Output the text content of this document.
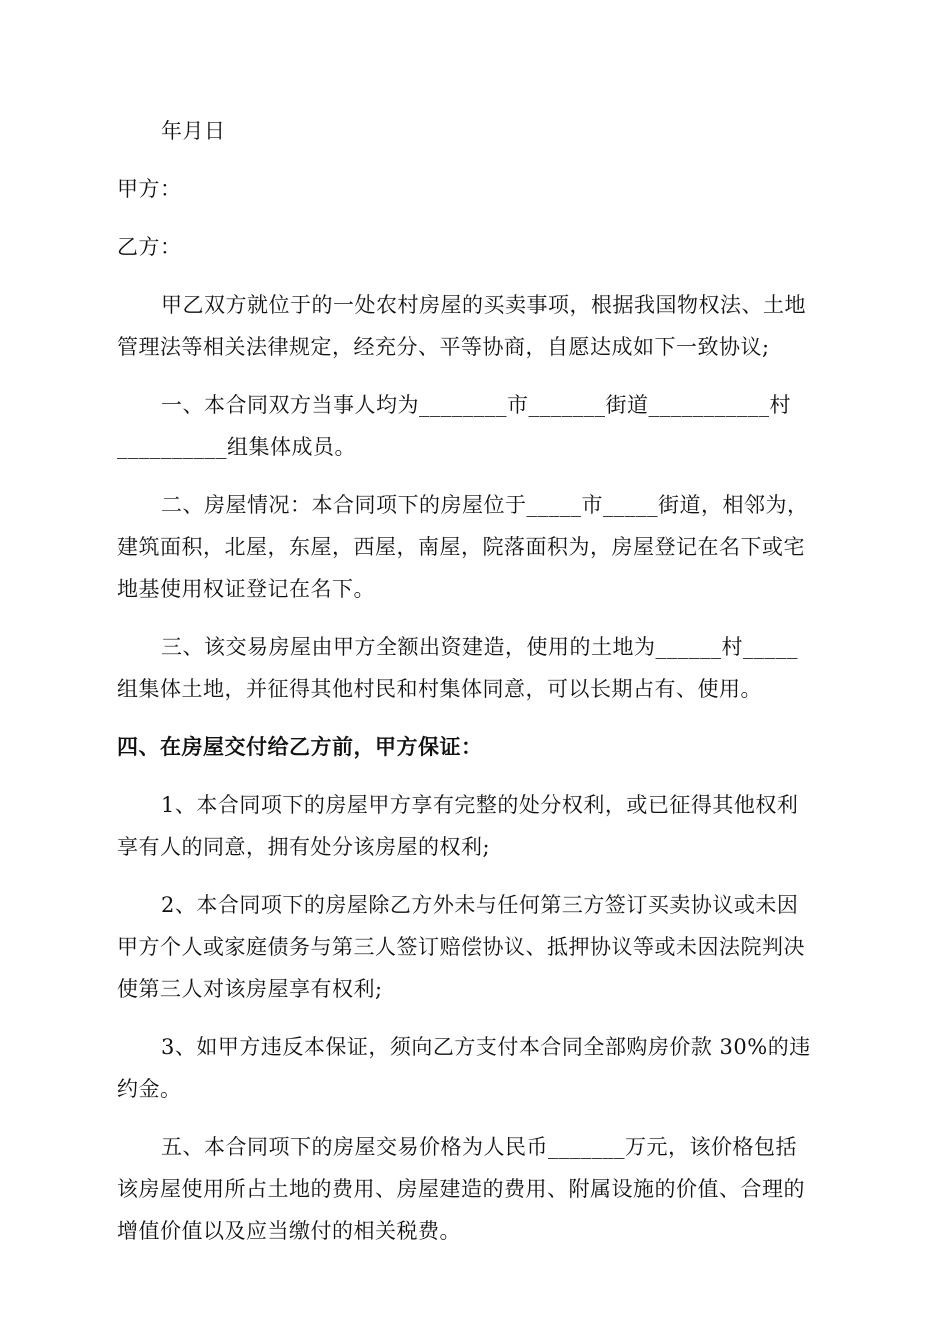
年月日
甲方：
乙方：
甲乙双方就位于的一处农村房屋的买卖事项，根据我国物权法、土地
管理法等相关法律规定，经充分、平等协商，自愿达成如下一致协议;
一、本合同双方当事人均为________市_______街道___________村
__________组集体成员。
二、房屋情况：本合同项下的房屋位于_____市_____街道，相邻为，
建筑面积，北屋，东屋，西屋，南屋，院落面积为，房屋登记在名下或宅
地基使用权证登记在名下。
三、该交易房屋由甲方全额出资建造，使用的土地为______村_____
组集体土地，并征得其他村民和村集体同意，可以长期占有、使用。
四、在房屋交付给乙方前，甲方保证：
1、本合同项下的房屋甲方享有完整的处分权利，或已征得其他权利
享有人的同意，拥有处分该房屋的权利;
2、本合同项下的房屋除乙方外未与任何第三方签订买卖协议或未因
甲方个人或家庭债务与第三人签订赔偿协议、抵押协议等或未因法院判决
使第三人对该房屋享有权利;
3、如甲方违反本保证，须向乙方支付本合同全部购房价款 30%的违
约金。
五、本合同项下的房屋交易价格为人民币_______万元，该价格包括
该房屋使用所占土地的费用、房屋建造的费用、附属设施的价值、合理的
增值价值以及应当缴付的相关税费。
